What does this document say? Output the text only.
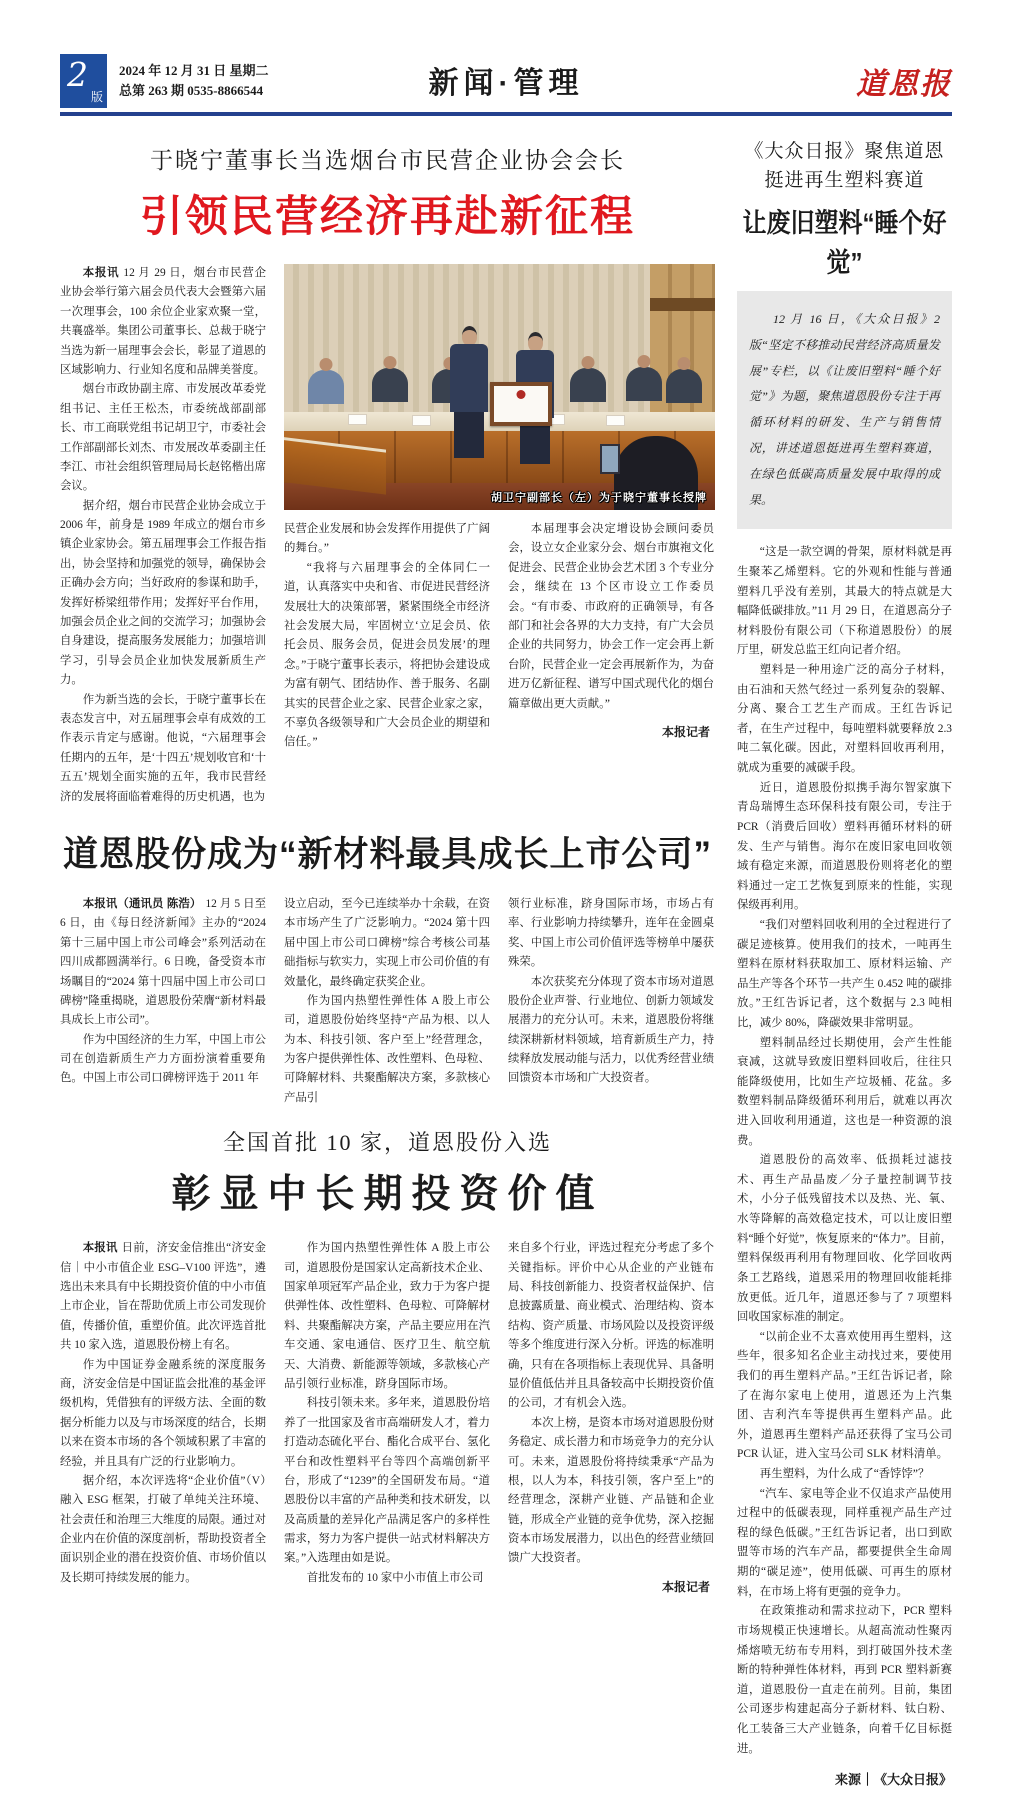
2
版
2024 年 12 月 31 日 星期二
总第 263 期 0535-8866544	新闻·管理	道恩报
于晓宁董事长当选烟台市民营企业协会会长
引领民营经济再赴新征程

本报讯 12 月 29 日，烟台市民营企业协会举行第六届会员代表大会暨第六届一次理事会，100 余位企业家欢聚一堂，共襄盛举。集团公司董事长、总裁于晓宁当选为新一届理事会会长，彰显了道恩的区域影响力、行业知名度和品牌美誉度。

烟台市政协副主席、市发展改革委党组书记、主任王松杰，市委统战部副部长、市工商联党组书记胡卫宁，市委社会工作部副部长刘杰、市发展改革委副主任李江、市社会组织管理局局长赵铭楷出席会议。

据介绍，烟台市民营企业协会成立于 2006 年，前身是 1989 年成立的烟台市乡镇企业家协会。第五届理事会工作报告指出，协会坚持和加强党的领导，确保协会正确办会方向；当好政府的参谋和助手，发挥好桥梁纽带作用；发挥好平台作用，加强会员企业之间的交流学习；加强协会自身建设，提高服务发展能力；加强培训学习，引导会员企业加快发展新质生产力。

作为新当选的会长，于晓宁董事长在表态发言中，对五届理事会卓有成效的工作表示肯定与感谢。他说，“六届理事会任期内的五年，是‘十四五’规划收官和‘十五五’规划全面实施的五年，我市民营经济的发展将面临着难得的历史机遇，也为

胡卫宁副部长（左）为于晓宁董事长授牌

民营企业发展和协会发挥作用提供了广阔的舞台。”

“我将与六届理事会的全体同仁一道，认真落实中央和省、市促进民营经济发展壮大的决策部署，紧紧围绕全市经济社会发展大局，牢固树立‘立足会员、依托会员、服务会员，促进会员发展’的理念。”于晓宁董事长表示，将把协会建设成为富有朝气、团结协作、善于服务、名副其实的民营企业之家、民营企业家之家，不辜负各级领导和广大会员企业的期望和信任。”

本届理事会决定增设协会顾问委员会，设立女企业家分会、烟台市旗袍文化促进会、民营企业协会艺术团 3 个专业分会，继续在 13 个区市设立工作委员会。“有市委、市政府的正确领导，有各部门和社会各界的大力支持，有广大会员企业的共同努力，协会工作一定会再上新台阶，民营企业一定会再展新作为，为奋进万亿新征程、谱写中国式现代化的烟台篇章做出更大贡献。”

本报记者
道恩股份成为“新材料最具成长上市公司”

本报讯（通讯员 陈浩） 12 月 5 日至 6 日，由《每日经济新闻》主办的“2024 第十三届中国上市公司峰会”系列活动在四川成都圆满举行。6 日晚，备受资本市场瞩目的“2024 第十四届中国上市公司口碑榜”隆重揭晓，道恩股份荣膺“新材料最具成长上市公司”。

作为中国经济的生力军，中国上市公司在创造新质生产力方面扮演着重要角色。中国上市公司口碑榜评选于 2011 年

设立启动，至今已连续举办十余载，在资本市场产生了广泛影响力。“2024 第十四届中国上市公司口碑榜”综合考核公司基础指标与软实力，实现上市公司价值的有效量化，最终确定获奖企业。

作为国内热塑性弹性体 A 股上市公司，道恩股份始终坚持“产品为根、以人为本、科技引领、客户至上”经营理念，为客户提供弹性体、改性塑料、色母粒、可降解材料、共聚酯解决方案，多款核心产品引

领行业标准，跻身国际市场，市场占有率、行业影响力持续攀升，连年在金圆桌奖、中国上市公司价值评选等榜单中屡获殊荣。

本次获奖充分体现了资本市场对道恩股份企业声誉、行业地位、创新力领域发展潜力的充分认可。未来，道恩股份将继续深耕新材料领域，培育新质生产力，持续释放发展动能与活力，以优秀经营业绩回馈资本市场和广大投资者。

全国首批 10 家，道恩股份入选
彰显中长期投资价值

本报讯 日前，济安金信推出“济安金信｜中小市值企业 ESG–V100 评选”，遴选出未来具有中长期投资价值的中小市值上市企业，旨在帮助优质上市公司发现价值，传播价值，重塑价值。此次评选首批共 10 家入选，道恩股份榜上有名。

作为中国证券金融系统的深度服务商，济安金信是中国证监会批准的基金评级机构，凭借独有的评级方法、全面的数据分析能力以及与市场深度的结合，长期以来在资本市场的各个领域积累了丰富的经验，并且具有广泛的行业影响力。

据介绍，本次评选将“企业价值”（V）融入 ESG 框架，打破了单纯关注环境、社会责任和治理三大维度的局限。通过对企业内在价值的深度剖析，帮助投资者全面识别企业的潜在投资价值、市场价值以及长期可持续发展的能力。

作为国内热塑性弹性体 A 股上市公司，道恩股份是国家认定高新技术企业、国家单项冠军产品企业，致力于为客户提供弹性体、改性塑料、色母粒、可降解材料、共聚酯解决方案，产品主要应用在汽车交通、家电通信、医疗卫生、航空航天、大消费、新能源等领域，多款核心产品引领行业标准，跻身国际市场。

科技引领未来。多年来，道恩股份培养了一批国家及省市高端研发人才，着力打造动态硫化平台、酯化合成平台、氢化平台和改性塑料平台等四个高端创新平台，形成了“1239”的全国研发布局。“道恩股份以丰富的产品种类和技术研发，以及高质量的差异化产品满足客户的多样性需求，努力为客户提供一站式材料解决方案。”入选理由如是说。

首批发布的 10 家中小市值上市公司

来自多个行业，评选过程充分考虑了多个关键指标。评价中心从企业的产业链布局、科技创新能力、投资者权益保护、信息披露质量、商业模式、治理结构、资本结构、资产质量、市场风险以及投资评级等多个维度进行深入分析。评选的标准明确，只有在各项指标上表现优异、具备明显价值低估并且具备较高中长期投资价值的公司，才有机会入选。

本次上榜，是资本市场对道恩股份财务稳定、成长潜力和市场竞争力的充分认可。未来，道恩股份将持续秉承“产品为根，以人为本，科技引领，客户至上”的经营理念，深耕产业链、产品链和企业链，形成全产业链的竞争优势，深入挖掘资本市场发展潜力，以出色的经营业绩回馈广大投资者。

本报记者
《大众日报》聚焦道恩
挺进再生塑料赛道
让废旧塑料“睡个好觉”

12 月 16 日，《大众日报》2 版“坚定不移推动民营经济高质量发展”专栏，以《让废旧塑料“睡个好觉”》为题，聚焦道恩股份专注于再循环材料的研发、生产与销售情况，讲述道恩挺进再生塑料赛道，在绿色低碳高质量发展中取得的成果。

“这是一款空调的骨架，原材料就是再生聚苯乙烯塑料。它的外观和性能与普通塑料几乎没有差别，其最大的特点就是大幅降低碳排放。”11 月 29 日，在道恩高分子材料股份有限公司（下称道恩股份）的展厅里，研发总监王红向记者介绍。

塑料是一种用途广泛的高分子材料，由石油和天然气经过一系列复杂的裂解、分离、聚合工艺生产而成。王红告诉记者，在生产过程中，每吨塑料就要释放 2.3 吨二氧化碳。因此，对塑料回收再利用，就成为重要的减碳手段。

近日，道恩股份拟携手海尔智家旗下青岛瑞博生态环保科技有限公司，专注于 PCR（消费后回收）塑料再循环材料的研发、生产与销售。海尔在废旧家电回收领域有稳定来源，而道恩股份则将老化的塑料通过一定工艺恢复到原来的性能，实现保级再利用。

“我们对塑料回收利用的全过程进行了碳足迹核算。使用我们的技术，一吨再生塑料在原材料获取加工、原材料运输、产品生产等各个环节一共产生 0.452 吨的碳排放。”王红告诉记者，这个数据与 2.3 吨相比，减少 80%，降碳效果非常明显。

塑料制品经过长期使用，会产生性能衰减，这就导致废旧塑料回收后，往往只能降级使用，比如生产垃圾桶、花盆。多数塑料制品降级循环利用后，就难以再次进入回收利用通道，这也是一种资源的浪费。

道恩股份的高效率、低损耗过滤技术、再生产品晶废／分子量控制调节技术，小分子低残留技术以及热、光、氧、水等降解的高效稳定技术，可以让废旧塑料“睡个好觉”，恢复原来的“体力”。目前，塑料保级再利用有物理回收、化学回收两条工艺路线，道恩采用的物理回收能耗排放更低。近几年，道恩还参与了 7 项塑料回收国家标准的制定。

“以前企业不太喜欢使用再生塑料，这些年，很多知名企业主动找过来，要使用我们的再生塑料产品。”王红告诉记者，除了在海尔家电上使用，道恩还为上汽集团、吉利汽车等提供再生塑料产品。此外，道恩再生塑料产品还获得了宝马公司 PCR 认证，进入宝马公司 SLK 材料清单。

再生塑料，为什么成了“香饽饽”？

“汽车、家电等企业不仅追求产品使用过程中的低碳表现，同样重视产品生产过程的绿色低碳。”王红告诉记者，出口到欧盟等市场的汽车产品，都要提供全生命周期的“碳足迹”，使用低碳、可再生的原材料，在市场上将有更强的竞争力。

在政策推动和需求拉动下，PCR 塑料市场规模正快速增长。从超高流动性聚丙烯熔喷无纺布专用料，到打破国外技术垄断的特种弹性体材料，再到 PCR 塑料新赛道，道恩股份一直走在前列。目前，集团公司逐步构建起高分子新材料、钛白粉、化工装备三大产业链条，向着千亿目标挺进。

来源｜《大众日报》
